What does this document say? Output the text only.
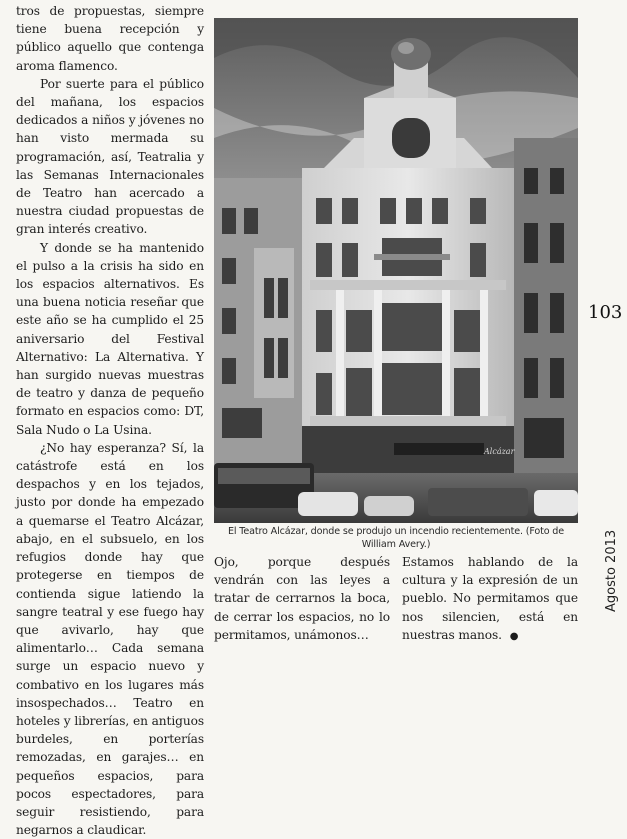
tros de propuestas, siempre tiene buena recepción y público aquello que contenga aroma flamenco.

Por suerte para el público del mañana, los espacios dedicados a niños y jóvenes no han visto mermada su programación, así, Teatralia y las Semanas Internacionales de Teatro han acercado a nuestra ciudad propuestas de gran interés creativo.

Y donde se ha mantenido el pulso a la crisis ha sido en los espacios alternativos. Es una buena noticia reseñar que este año se ha cumplido el 25 aniversario del Festival Alternativo: La Alternativa. Y han surgido nuevas muestras de teatro y danza de pequeño formato en espacios como: DT, Sala Nudo o La Usina.

¿No hay esperanza? Sí, la catástrofe está en los despachos y en los tejados, justo por donde ha empezado a quemarse el Teatro Alcázar, abajo, en el subsuelo, en los refugios donde hay que protegerse en tiempos de contienda sigue latiendo la sangre teatral y ese fuego hay que avivarlo, hay que alimentarlo… Cada semana surge un espacio nuevo y combativo en los lugares más insospechados… Teatro en hoteles y librerías, en antiguos burdeles, en porterías remozadas, en garajes… en pequeños espacios, para pocos espectadores, para seguir resistiendo, para negarnos a claudicar.

Alcázar
El Teatro Alcázar, donde se produjo un incendio recientemente. (Foto de William Avery.)
Ojo, porque después vendrán con las leyes a tratar de cerrarnos la boca, de cerrar los espacios, no lo permitamos, unámonos…
Estamos hablando de la cultura y la expresión de un pueblo. No permitamos que nos silencien, está en nuestras manos. ●
103
Agosto 2013
